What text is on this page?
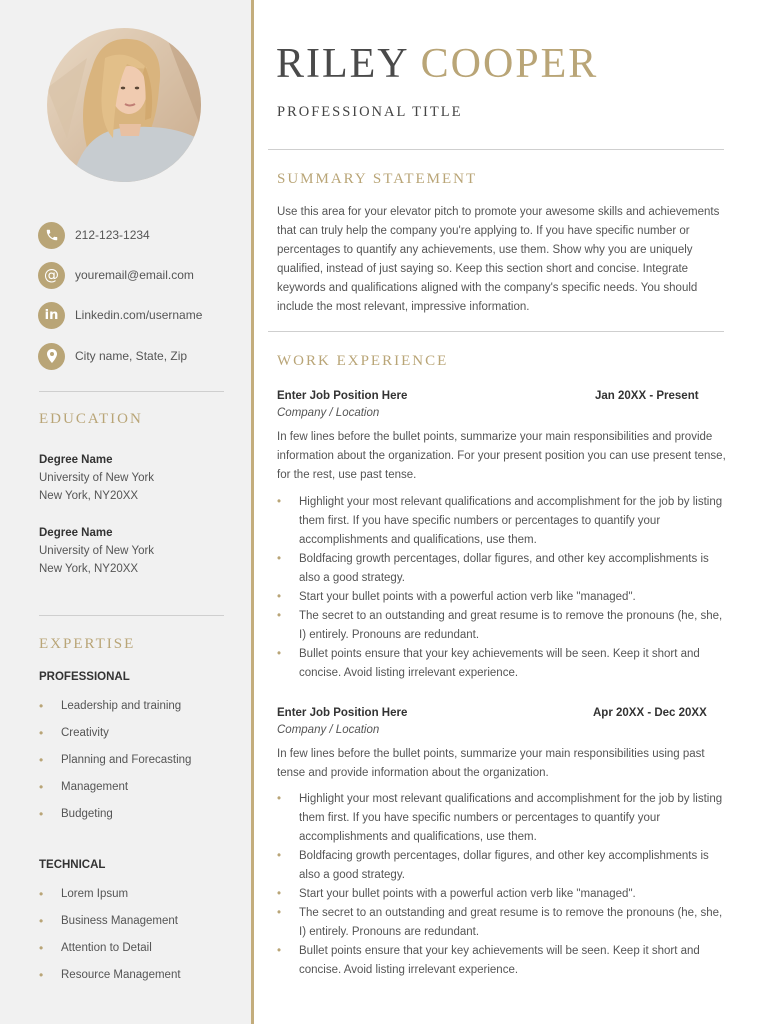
212-123-1234
@ youremail@email.com
in Linkedin.com/username
City name, State, Zip
EDUCATION
Degree Name
University of New York
New York, NY20XX
Degree Name
University of New York
New York, NY20XX
EXPERTISE
PROFESSIONAL
•	Leadership and training
•	Creativity
•	Planning and Forecasting
•	Management
•	Budgeting
TECHNICAL
•	Lorem Ipsum
•	Business Management
•	Attention to Detail
•	Resource Management
RILEY COOPER
PROFESSIONAL TITLE
SUMMARY STATEMENT
Use this area for your elevator pitch to promote your awesome skills and achievements that can truly help the company you're applying to. If you have specific number or percentages to quantify any achievements, use them. Show why you are uniquely qualified, instead of just saying so. Keep this section short and concise. Integrate keywords and qualifications aligned with the company's specific needs. You should include the most relevant, impressive information.
WORK EXPERIENCE
Enter Job Position Here	Jan 20XX - Present
Company / Location
In few lines before the bullet points, summarize your main responsibilities and provide information about the organization. For your present position you can use present tense, for the rest, use past tense.
• Highlight your most relevant qualifications and accomplishment for the job by listing them first. If you have specific numbers or percentages to quantify your accomplishments and qualifications, use them.
• Boldfacing growth percentages, dollar figures, and other key accomplishments is also a good strategy.
• Start your bullet points with a powerful action verb like "managed".
• The secret to an outstanding and great resume is to remove the pronouns (he, she, I) entirely. Pronouns are redundant.
• Bullet points ensure that your key achievements will be seen. Keep it short and concise. Avoid listing irrelevant experience.
Enter Job Position Here	Apr 20XX - Dec 20XX
Company / Location
In few lines before the bullet points, summarize your main responsibilities using past tense and provide information about the organization.
• Highlight your most relevant qualifications and accomplishment for the job by listing them first. If you have specific numbers or percentages to quantify your accomplishments and qualifications, use them.
• Boldfacing growth percentages, dollar figures, and other key accomplishments is also a good strategy.
• Start your bullet points with a powerful action verb like "managed".
• The secret to an outstanding and great resume is to remove the pronouns (he, she, I) entirely. Pronouns are redundant.
• Bullet points ensure that your key achievements will be seen. Keep it short and concise. Avoid listing irrelevant experience.
